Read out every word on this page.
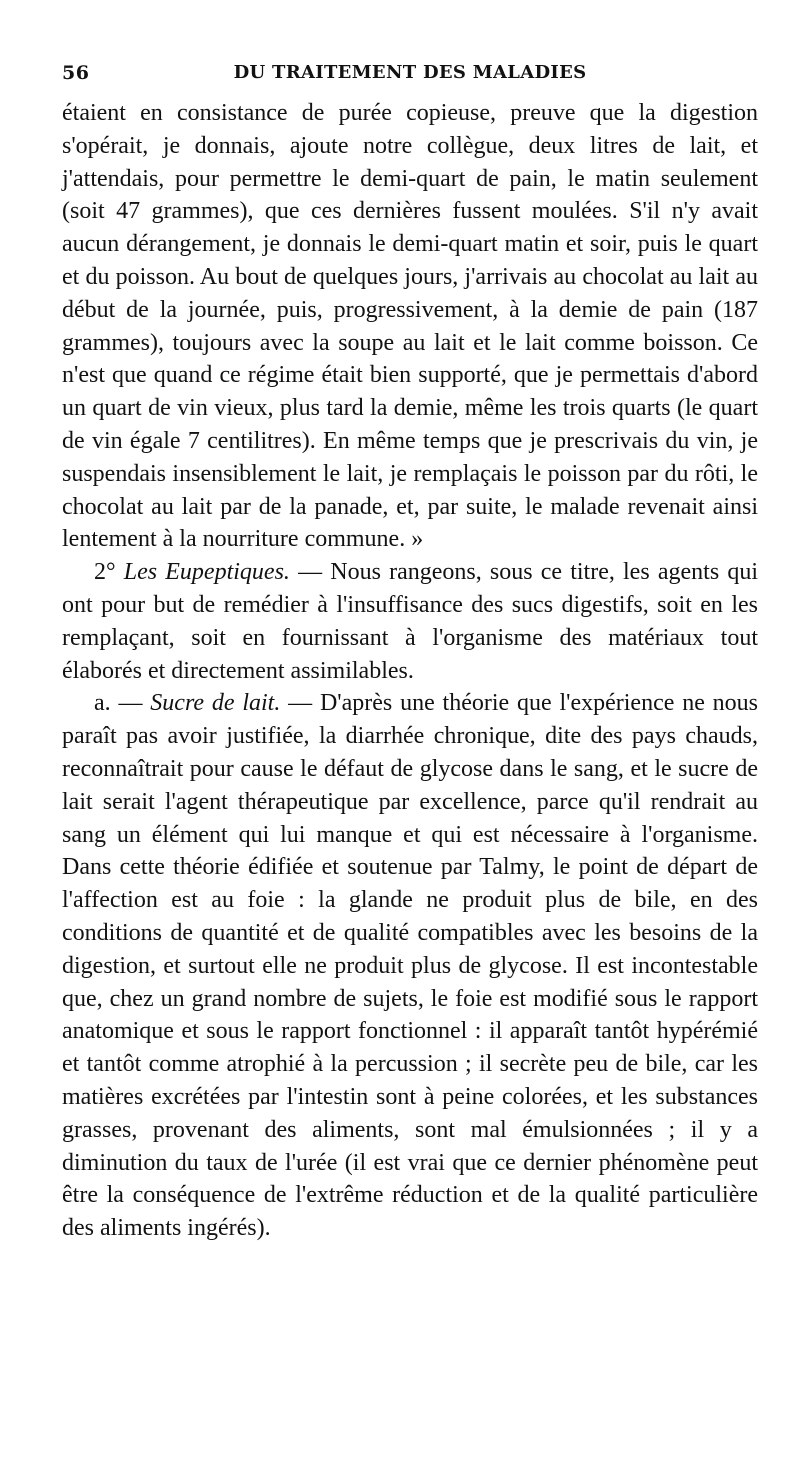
56	DU TRAITEMENT DES MALADIES

étaient en consistance de purée copieuse, preuve que la digestion s'opérait, je donnais, ajoute notre collègue, deux litres de lait, et j'attendais, pour permettre le demi-quart de pain, le matin seulement (soit 47 grammes), que ces dernières fussent moulées. S'il n'y avait aucun dérangement, je donnais le demi-quart matin et soir, puis le quart et du poisson. Au bout de quelques jours, j'arrivais au chocolat au lait au début de la journée, puis, progressivement, à la demie de pain (187 grammes), toujours avec la soupe au lait et le lait comme boisson. Ce n'est que quand ce régime était bien supporté, que je permettais d'abord un quart de vin vieux, plus tard la demie, même les trois quarts (le quart de vin égale 7 centilitres). En même temps que je prescrivais du vin, je suspendais insensiblement le lait, je remplaçais le poisson par du rôti, le chocolat au lait par de la panade, et, par suite, le malade revenait ainsi lentement à la nourriture commune. »

2° Les Eupeptiques. — Nous rangeons, sous ce titre, les agents qui ont pour but de remédier à l'insuffisance des sucs digestifs, soit en les remplaçant, soit en fournissant à l'organisme des matériaux tout élaborés et directement assimilables.

a. — Sucre de lait. — D'après une théorie que l'expérience ne nous paraît pas avoir justifiée, la diarrhée chronique, dite des pays chauds, reconnaîtrait pour cause le défaut de glycose dans le sang, et le sucre de lait serait l'agent thérapeutique par excellence, parce qu'il rendrait au sang un élément qui lui manque et qui est nécessaire à l'organisme. Dans cette théorie édifiée et soutenue par Talmy, le point de départ de l'affection est au foie : la glande ne produit plus de bile, en des conditions de quantité et de qualité compatibles avec les besoins de la digestion, et surtout elle ne produit plus de glycose. Il est incontestable que, chez un grand nombre de sujets, le foie est modifié sous le rapport anatomique et sous le rapport fonctionnel : il apparaît tantôt hypérémié et tantôt comme atrophié à la percussion ; il secrète peu de bile, car les matières excrétées par l'intestin sont à peine colorées, et les substances grasses, provenant des aliments, sont mal émulsionnées ; il y a diminution du taux de l'urée (il est vrai que ce dernier phénomène peut être la conséquence de l'extrême réduction et de la qualité particulière des aliments ingérés).
